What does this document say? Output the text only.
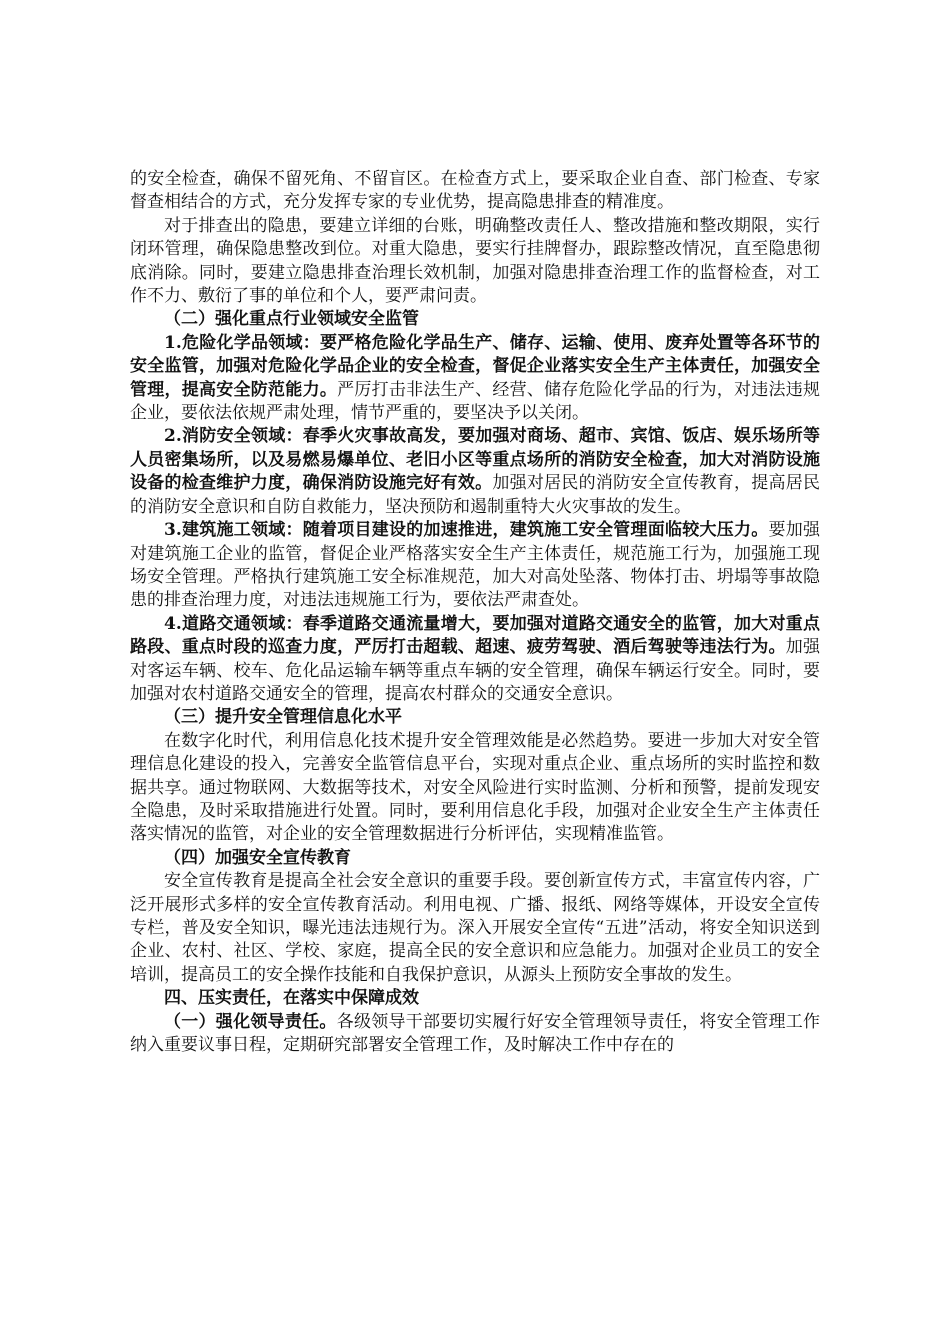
的安全检查，确保不留死角、不留盲区。在检查方式上，要采取企业自查、部门检查、专家督查相结合的方式，充分发挥专家的专业优势，提高隐患排查的精准度。

对于排查出的隐患，要建立详细的台账，明确整改责任人、整改措施和整改期限，实行闭环管理，确保隐患整改到位。对重大隐患，要实行挂牌督办，跟踪整改情况，直至隐患彻底消除。同时，要建立隐患排查治理长效机制，加强对隐患排查治理工作的监督检查，对工作不力、敷衍了事的单位和个人，要严肃问责。

（二）强化重点行业领域安全监管

1.危险化学品领域：要严格危险化学品生产、储存、运输、使用、废弃处置等各环节的安全监管，加强对危险化学品企业的安全检查，督促企业落实安全生产主体责任，加强安全管理，提高安全防范能力。严厉打击非法生产、经营、储存危险化学品的行为，对违法违规企业，要依法依规严肃处理，情节严重的，要坚决予以关闭。

2.消防安全领域：春季火灾事故高发，要加强对商场、超市、宾馆、饭店、娱乐场所等人员密集场所，以及易燃易爆单位、老旧小区等重点场所的消防安全检查，加大对消防设施设备的检查维护力度，确保消防设施完好有效。加强对居民的消防安全宣传教育，提高居民的消防安全意识和自防自救能力，坚决预防和遏制重特大火灾事故的发生。

3.建筑施工领域：随着项目建设的加速推进，建筑施工安全管理面临较大压力。要加强对建筑施工企业的监管，督促企业严格落实安全生产主体责任，规范施工行为，加强施工现场安全管理。严格执行建筑施工安全标准规范，加大对高处坠落、物体打击、坍塌等事故隐患的排查治理力度，对违法违规施工行为，要依法严肃查处。

4.道路交通领域：春季道路交通流量增大，要加强对道路交通安全的监管，加大对重点路段、重点时段的巡查力度，严厉打击超载、超速、疲劳驾驶、酒后驾驶等违法行为。加强对客运车辆、校车、危化品运输车辆等重点车辆的安全管理，确保车辆运行安全。同时，要加强对农村道路交通安全的管理，提高农村群众的交通安全意识。

（三）提升安全管理信息化水平

在数字化时代，利用信息化技术提升安全管理效能是必然趋势。要进一步加大对安全管理信息化建设的投入，完善安全监管信息平台，实现对重点企业、重点场所的实时监控和数据共享。通过物联网、大数据等技术，对安全风险进行实时监测、分析和预警，提前发现安全隐患，及时采取措施进行处置。同时，要利用信息化手段，加强对企业安全生产主体责任落实情况的监管，对企业的安全管理数据进行分析评估，实现精准监管。

（四）加强安全宣传教育

安全宣传教育是提高全社会安全意识的重要手段。要创新宣传方式，丰富宣传内容，广泛开展形式多样的安全宣传教育活动。利用电视、广播、报纸、网络等媒体，开设安全宣传专栏，普及安全知识，曝光违法违规行为。深入开展安全宣传“五进”活动，将安全知识送到企业、农村、社区、学校、家庭，提高全民的安全意识和应急能力。加强对企业员工的安全培训，提高员工的安全操作技能和自我保护意识，从源头上预防安全事故的发生。

四、压实责任，在落实中保障成效

（一）强化领导责任。各级领导干部要切实履行好安全管理领导责任，将安全管理工作纳入重要议事日程，定期研究部署安全管理工作，及时解决工作中存在的
